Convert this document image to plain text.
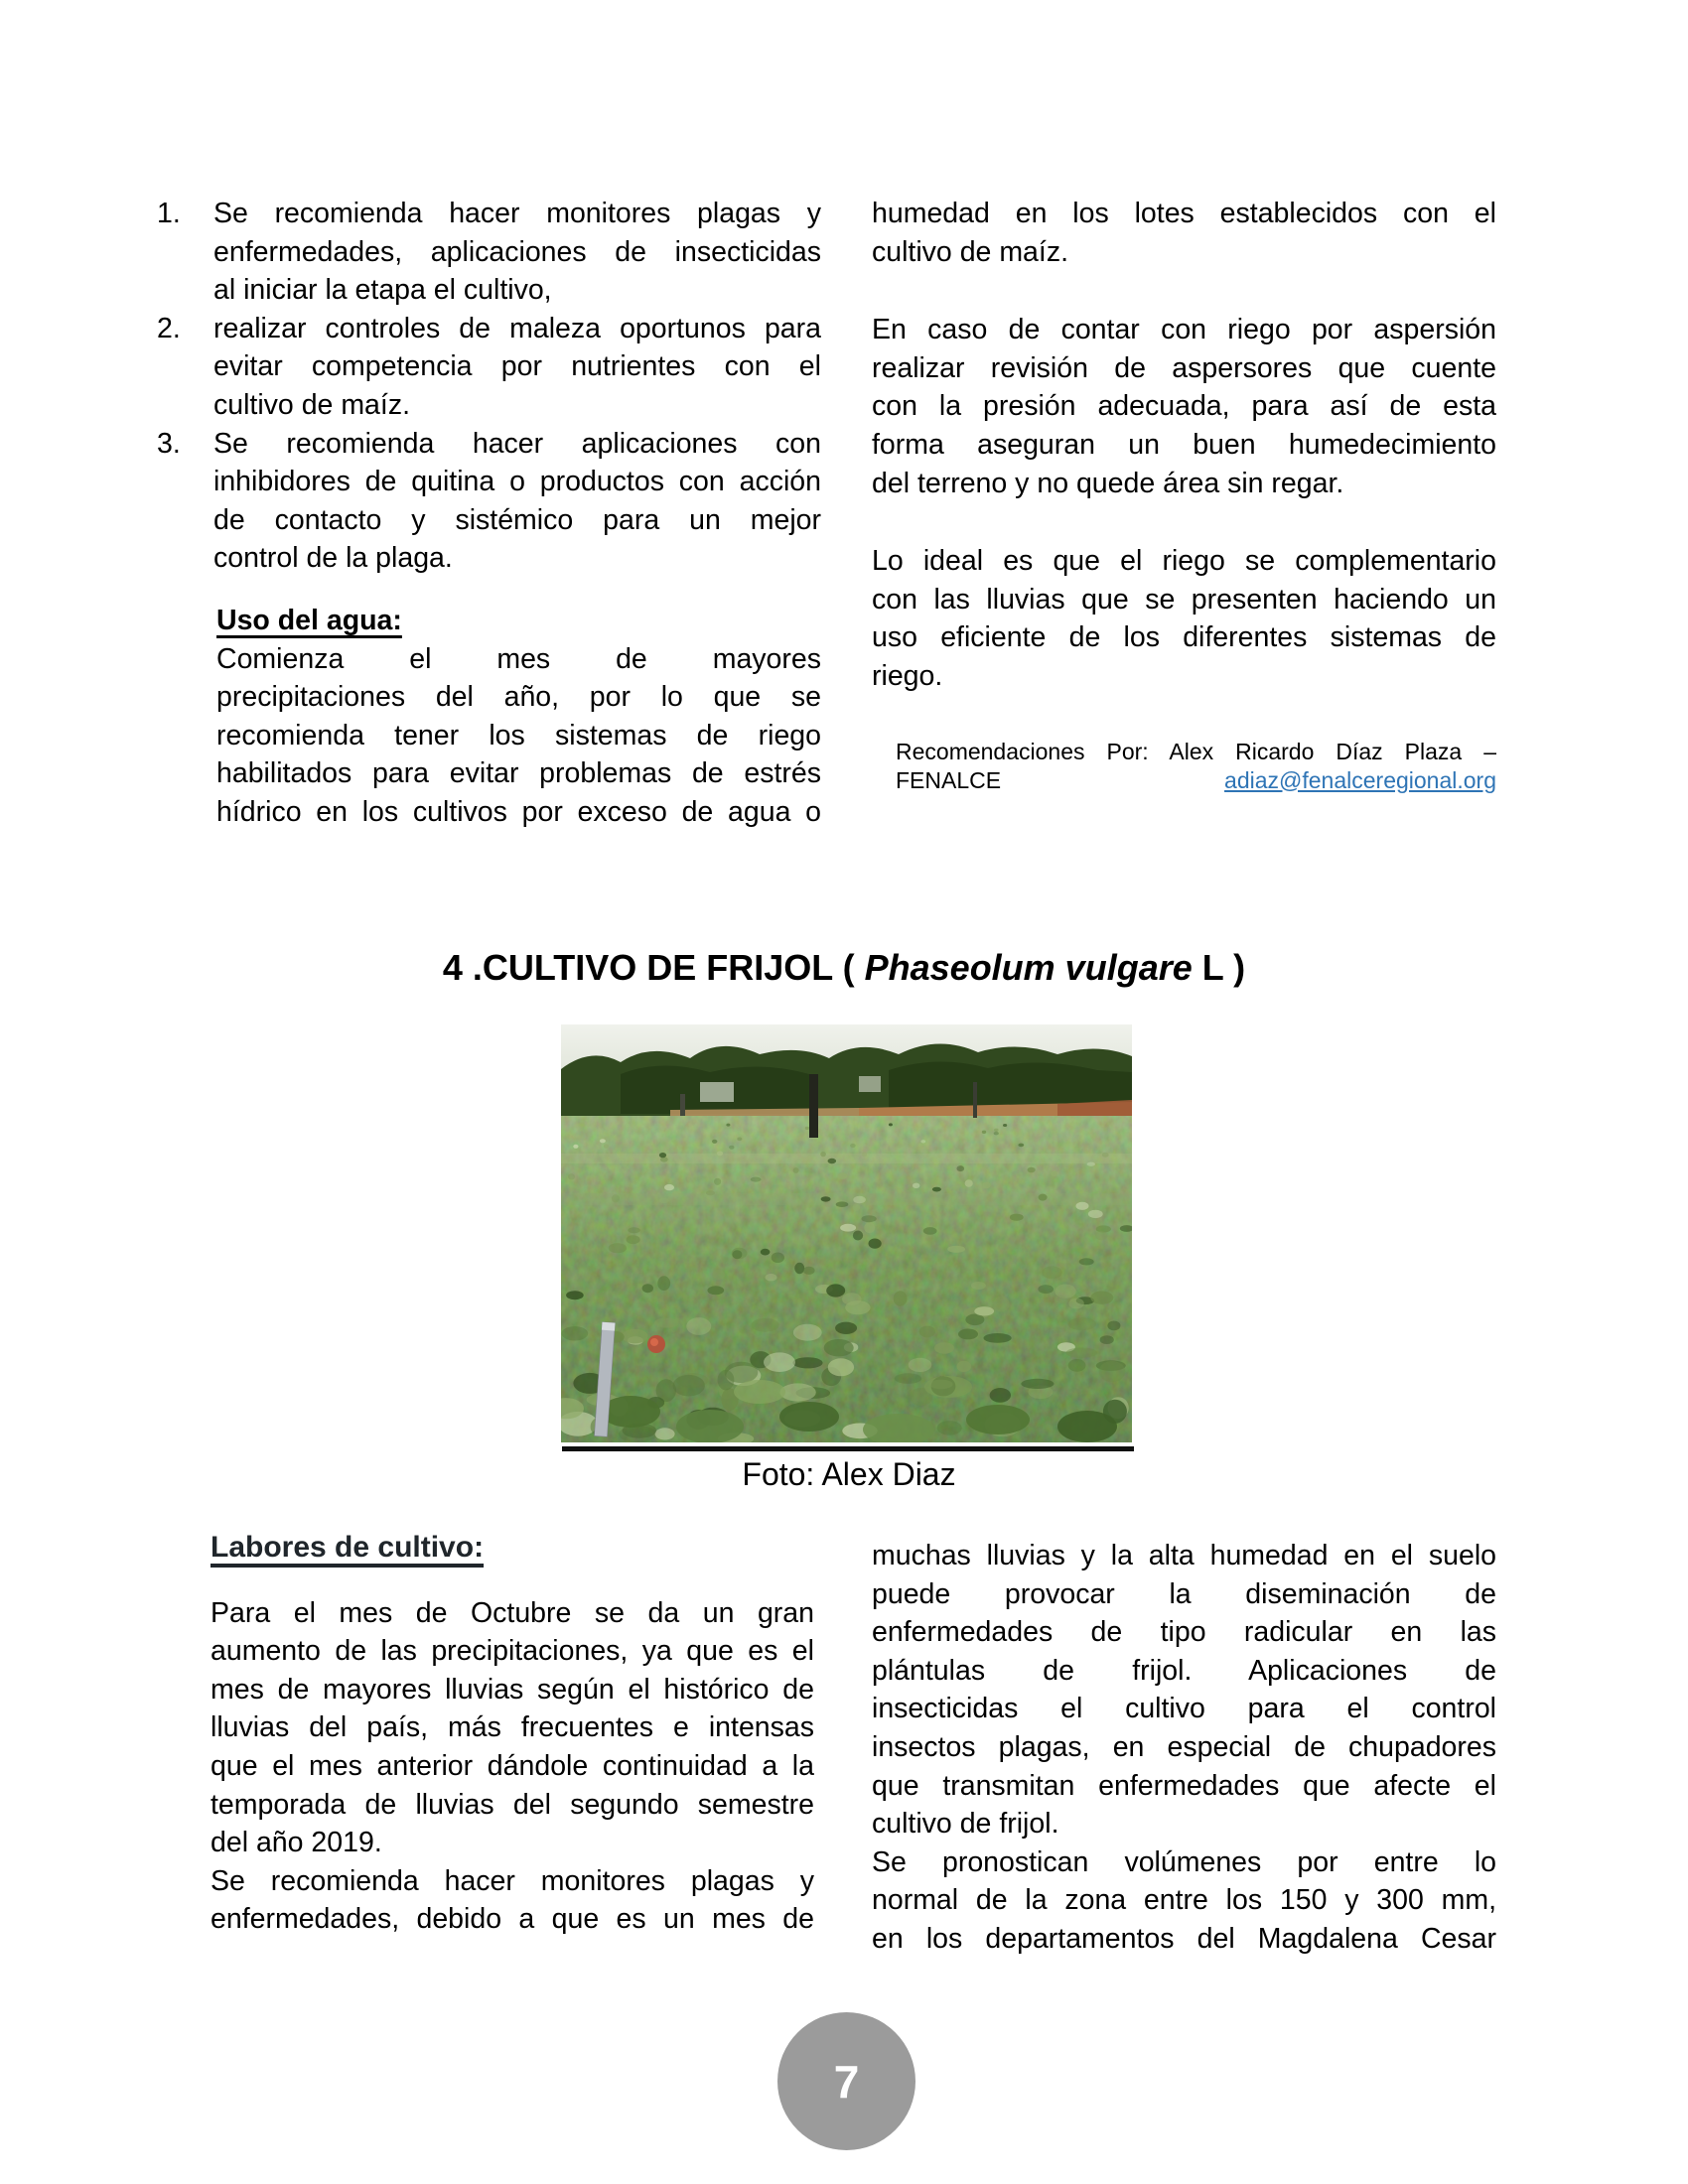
1.	Se recomienda hacer monitores plagas y
enfermedades, aplicaciones de insecticidas
al iniciar la etapa el cultivo,
2.	realizar controles de maleza oportunos para
evitar competencia por nutrientes con el
cultivo de maíz.
3.	Se recomienda hacer aplicaciones con
inhibidores de quitina o productos con acción
de contacto y sistémico para un mejor
control de la plaga.
Uso del agua:
Comienza el mes de mayores
precipitaciones del año, por lo que se
recomienda tener los sistemas de riego
habilitados para evitar problemas de estrés
hídrico en los cultivos por exceso de agua o
humedad en los lotes establecidos con el
cultivo de maíz.
En caso de contar con riego por aspersión
realizar revisión de aspersores que cuente
con la presión adecuada, para así de esta
forma aseguran un buen humedecimiento
del terreno y no quede área sin regar.
Lo ideal es que el riego se complementario
con las lluvias que se presenten haciendo un
uso eficiente de los diferentes sistemas de
riego.
Recomendaciones Por: Alex Ricardo Díaz Plaza –
FENALCE	adiaz@fenalceregional.org
4 .CULTIVO DE FRIJOL ( Phaseolum vulgare L )
Foto: Alex Diaz
Labores de cultivo:
Para el mes de Octubre se da un gran
aumento de las precipitaciones, ya que es el
mes de mayores lluvias según el histórico de
lluvias del país, más frecuentes e intensas
que el mes anterior dándole continuidad a la
temporada de lluvias del segundo semestre
del año 2019.
Se recomienda hacer monitores plagas y
enfermedades, debido a que es un mes de
muchas lluvias y la alta humedad en el suelo
puede provocar la diseminación de
enfermedades de tipo radicular en las
plántulas de frijol. Aplicaciones de
insecticidas el cultivo para el control
insectos plagas, en especial de chupadores
que transmitan enfermedades que afecte el
cultivo de frijol.
Se pronostican volúmenes por entre lo
normal de la zona entre los 150 y 300 mm,
en los departamentos del Magdalena Cesar
7
